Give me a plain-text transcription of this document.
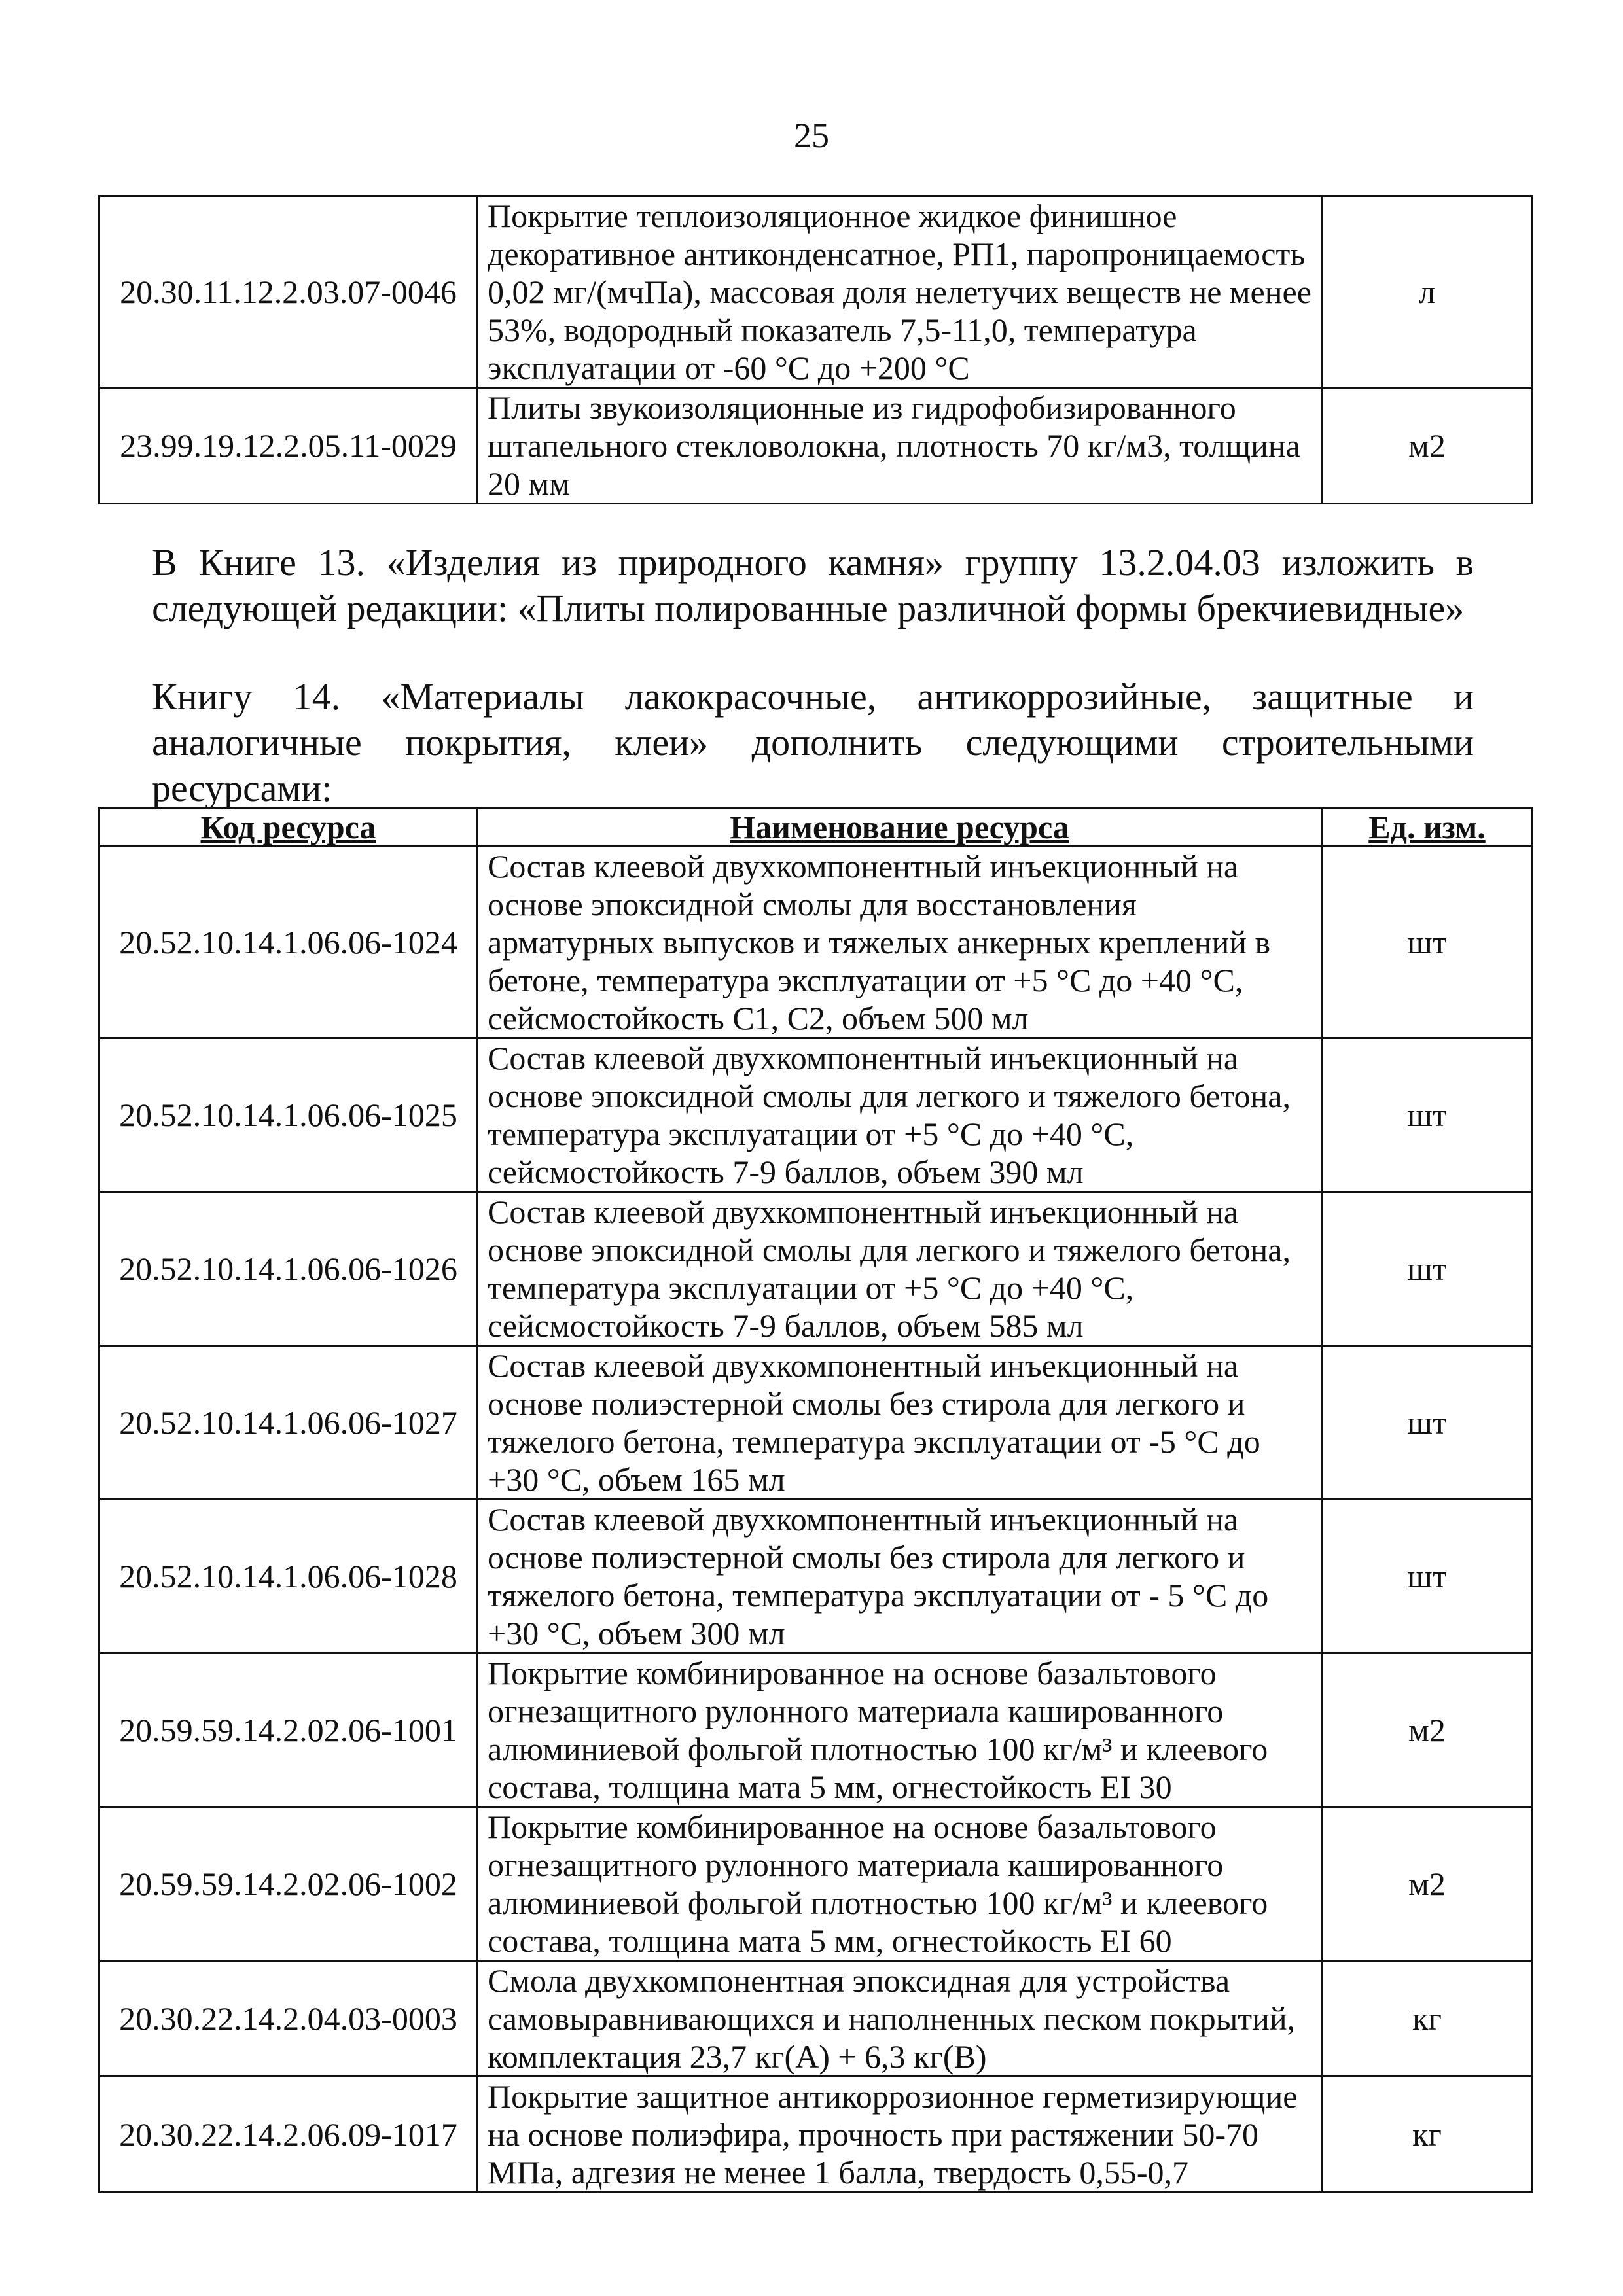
25
20.30.11.12.2.03.07-0046	Покрытие теплоизоляционное жидкое финишное декоративное антиконденсатное, РП1, паропроницаемость 0,02 мг/(мчПа), массовая доля нелетучих веществ не менее 53%, водородный показатель 7,5-11,0, температура эксплуатации от -60 °С до +200 °С	л
23.99.19.12.2.05.11-0029	Плиты звукоизоляционные из гидрофобизированного штапельного стекловолокна, плотность 70 кг/м3, толщина 20 мм	м2
В Книге 13. «Изделия из природного камня» группу 13.2.04.03 изложить в
следующей редакции: «Плиты полированные различной формы брекчиевидные»
Книгу 14. «Материалы лакокрасочные, антикоррозийные, защитные и
аналогичные покрытия, клеи» дополнить следующими строительными
ресурсами:
Код ресурса	Наименование ресурса	Ед. изм.
20.52.10.14.1.06.06-1024	Состав клеевой двухкомпонентный инъекционный на основе эпоксидной смолы для восстановления арматурных выпусков и тяжелых анкерных креплений в бетоне, температура эксплуатации от +5 °С до +40 °С, сейсмостойкость С1, С2, объем 500 мл	шт
20.52.10.14.1.06.06-1025	Состав клеевой двухкомпонентный инъекционный на основе эпоксидной смолы для легкого и тяжелого бетона, температура эксплуатации от +5 °С до +40 °С, сейсмостойкость 7-9 баллов, объем 390 мл	шт
20.52.10.14.1.06.06-1026	Состав клеевой двухкомпонентный инъекционный на основе эпоксидной смолы для легкого и тяжелого бетона, температура эксплуатации от +5 °С до +40 °С, сейсмостойкость 7-9 баллов, объем 585 мл	шт
20.52.10.14.1.06.06-1027	Состав клеевой двухкомпонентный инъекционный на основе полиэстерной смолы без стирола для легкого и тяжелого бетона, температура эксплуатации от -5 °С до +30 °С, объем 165 мл	шт
20.52.10.14.1.06.06-1028	Состав клеевой двухкомпонентный инъекционный на основе полиэстерной смолы без стирола для легкого и тяжелого бетона, температура эксплуатации от - 5 °С до +30 °С, объем 300 мл	шт
20.59.59.14.2.02.06-1001	Покрытие комбинированное на основе базальтового огнезащитного рулонного материала кашированного алюминиевой фольгой плотностью 100 кг/м³ и клеевого состава, толщина мата 5 мм, огнестойкость EI 30	м2
20.59.59.14.2.02.06-1002	Покрытие комбинированное на основе базальтового огнезащитного рулонного материала кашированного алюминиевой фольгой плотностью 100 кг/м³ и клеевого состава, толщина мата 5 мм, огнестойкость EI 60	м2
20.30.22.14.2.04.03-0003	Смола двухкомпонентная эпоксидная для устройства самовыравнивающихся и наполненных песком покрытий, комплектация 23,7 кг(А) + 6,3 кг(В)	кг
20.30.22.14.2.06.09-1017	Покрытие защитное антикоррозионное герметизирующие на основе полиэфира, прочность при растяжении 50-70 МПа, адгезия не менее 1 балла, твердость 0,55-0,7	кг
